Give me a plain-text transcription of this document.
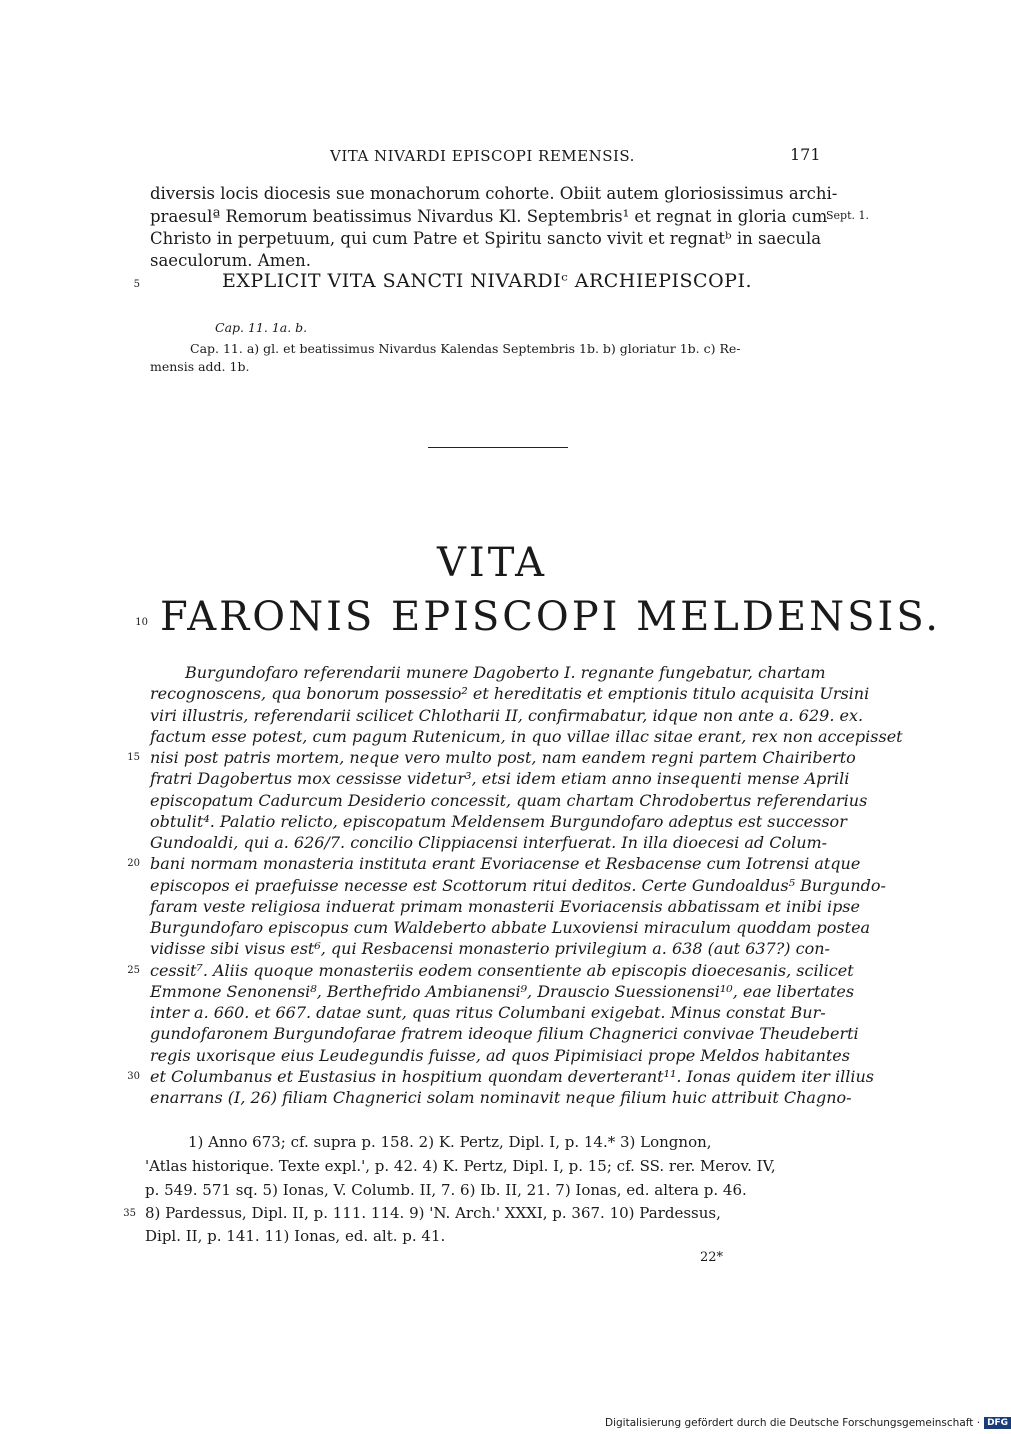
VITA NIVARDI EPISCOPI REMENSIS.	171
diversis locis diocesis sue monachorum cohorte. Obiit autem gloriosissimus archi-
praesulª Remorum beatissimus Nivardus Kl. Septembris¹ et regnat in gloria cum
Sept. 1.
Christo in perpetuum, qui cum Patre et Spiritu sancto vivit et regnatᵇ in saecula
saeculorum. Amen.
5	EXPLICIT VITA SANCTI NIVARDIᶜ ARCHIEPISCOPI.
Cap. 11. 1a. b.
Cap. 11. a) gl. et beatissimus Nivardus Kalendas Septembris 1b. b) gloriatur 1b. c) Re-
mensis add. 1b.
VITA
10 FARONIS EPISCOPI MELDENSIS.
Burgundofaro referendarii munere Dagoberto I. regnante fungebatur, chartam
recognoscens, qua bonorum possessio² et hereditatis et emptionis titulo acquisita Ursini
viri illustris, referendarii scilicet Chlotharii II, confirmabatur, idque non ante a. 629. ex.
factum esse potest, cum pagum Rutenicum, in quo villae illac sitae erant, rex non accepisset
15 nisi post patris mortem, neque vero multo post, nam eandem regni partem Chairiberto
fratri Dagobertus mox cessisse videtur³, etsi idem etiam anno insequenti mense Aprili
episcopatum Cadurcum Desiderio concessit, quam chartam Chrodobertus referendarius
obtulit⁴. Palatio relicto, episcopatum Meldensem Burgundofaro adeptus est successor
Gundoaldi, qui a. 626/7. concilio Clippiacensi interfuerat. In illa dioecesi ad Colum-
20 bani normam monasteria instituta erant Evoriacense et Resbacense cum Iotrensi atque
episcopos ei praefuisse necesse est Scottorum ritui deditos. Certe Gundoaldus⁵ Burgundo-
faram veste religiosa induerat primam monasterii Evoriacensis abbatissam et inibi ipse
Burgundofaro episcopus cum Waldeberto abbate Luxoviensi miraculum quoddam postea
vidisse sibi visus est⁶, qui Resbacensi monasterio privilegium a. 638 (aut 637?) con-
25 cessit⁷. Aliis quoque monasteriis eodem consentiente ab episcopis dioecesanis, scilicet
Emmone Senonensi⁸, Berthefrido Ambianensi⁹, Drauscio Suessionensi¹⁰, eae libertates
inter a. 660. et 667. datae sunt, quas ritus Columbani exigebat. Minus constat Bur-
gundofaronem Burgundofarae fratrem ideoque filium Chagnerici convivae Theudeberti
regis uxorisque eius Leudegundis fuisse, ad quos Pipimisiaci prope Meldos habitantes
30 et Columbanus et Eustasius in hospitium quondam deverterant¹¹. Ionas quidem iter illius
enarrans (I, 26) filiam Chagnerici solam nominavit neque filium huic attribuit Chagno-
1) Anno 673; cf. supra p. 158. 2) K. Pertz, Dipl. I, p. 14.* 3) Longnon,
'Atlas historique. Texte expl.', p. 42. 4) K. Pertz, Dipl. I, p. 15; cf. SS. rer. Merov. IV,
p. 549. 571 sq. 5) Ionas, V. Columb. II, 7. 6) Ib. II, 21. 7) Ionas, ed. altera p. 46.
35 8) Pardessus, Dipl. II, p. 111. 114. 9) 'N. Arch.' XXXI, p. 367. 10) Pardessus,
Dipl. II, p. 141. 11) Ionas, ed. alt. p. 41.
22*
Digitalisierung gefördert durch die Deutsche Forschungsgemeinschaft · DFG
